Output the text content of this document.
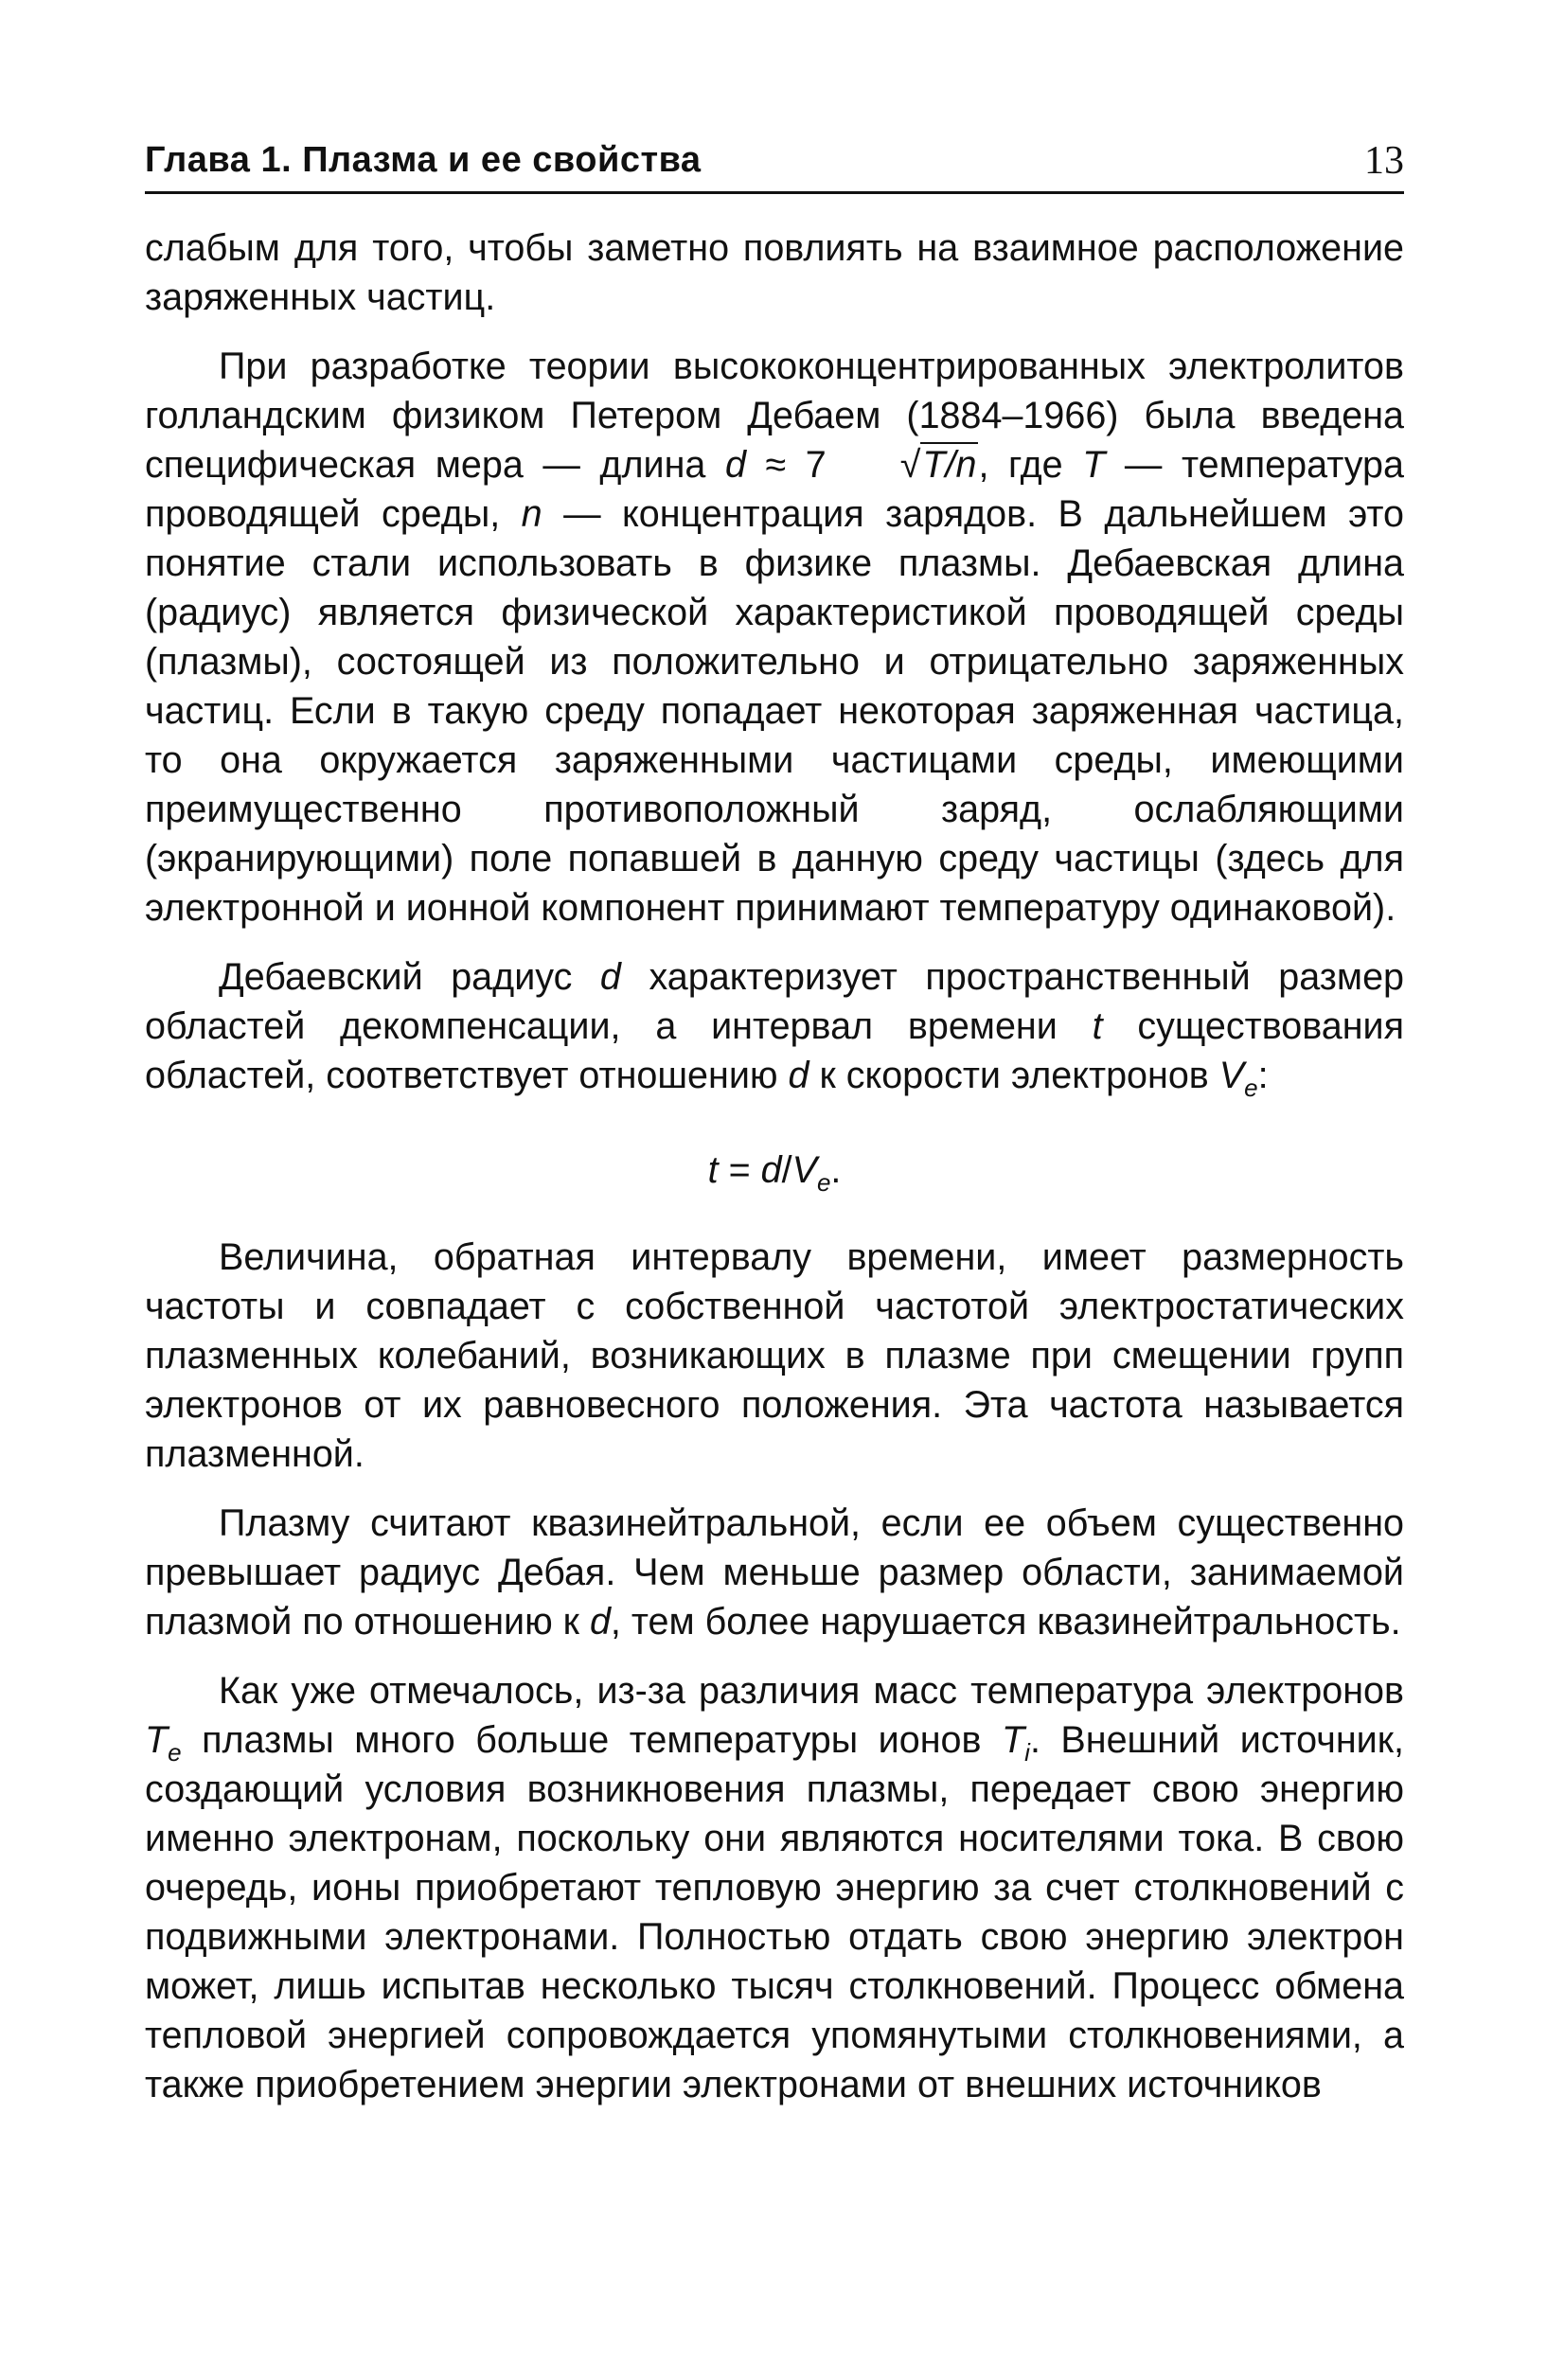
Глава 1. Плазма и ее свойства	13

слабым для того, чтобы заметно повлиять на взаимное расположение заряженных частиц.

При разработке теории высококонцентрированных электролитов голландским физиком Петером Дебаем (1884–1966) была введена специфическая мера — длина d ≈ 7 √T/n, где T — температура проводящей среды, n — концентрация зарядов. В дальнейшем это понятие стали использовать в физике плазмы. Дебаевская длина (радиус) является физической характеристикой проводящей среды (плазмы), состоящей из положительно и отрицательно заряженных частиц. Если в такую среду попадает некоторая заряженная частица, то она окружается заряженными частицами среды, имеющими преимущественно противоположный заряд, ослабляющими (экранирующими) поле попавшей в данную среду частицы (здесь для электронной и ионной компонент принимают температуру одинаковой).

Дебаевский радиус d характеризует пространственный размер областей декомпенсации, а интервал времени t существования областей, соответствует отношению d к скорости электронов $V_e$:

$t = d/V_e$.

Величина, обратная интервалу времени, имеет размерность частоты и совпадает с собственной частотой электростатических плазменных колебаний, возникающих в плазме при смещении групп электронов от их равновесного положения. Эта частота называется плазменной.

Плазму считают квазинейтральной, если ее объем существенно превышает радиус Дебая. Чем меньше размер области, занимаемой плазмой по отношению к d, тем более нарушается квазинейтральность.

Как уже отмечалось, из-за различия масс температура электронов $T_e$ плазмы много больше температуры ионов $T_i$. Внешний источник, создающий условия возникновения плазмы, передает свою энергию именно электронам, поскольку они являются носителями тока. В свою очередь, ионы приобретают тепловую энергию за счет столкновений с подвижными электронами. Полностью отдать свою энергию электрон может, лишь испытав несколько тысяч столкновений. Процесс обмена тепловой энергией сопровождается упомянутыми столкновениями, а также приобретением энергии электронами от внешних источников
